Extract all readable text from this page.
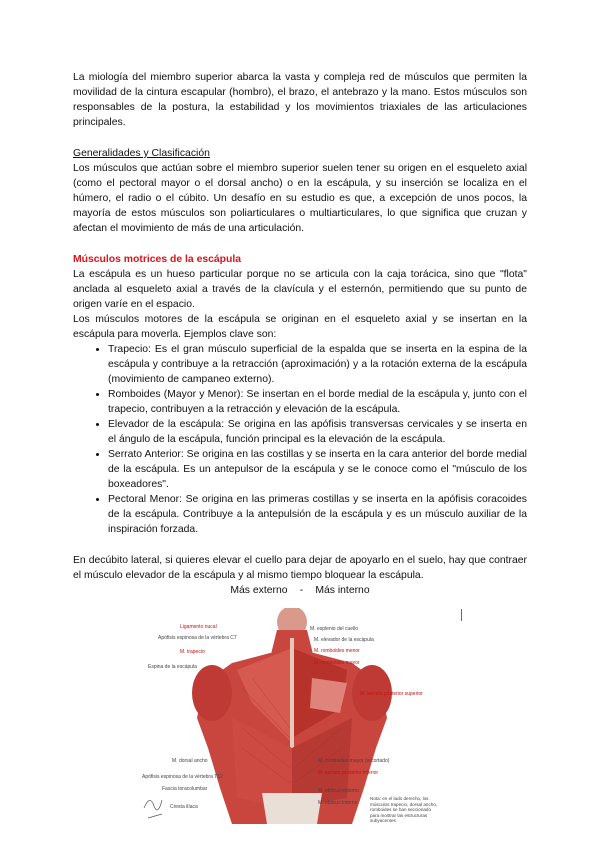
La miología del miembro superior abarca la vasta y compleja red de músculos que permiten la movilidad de la cintura escapular (hombro), el brazo, el antebrazo y la mano. Estos músculos son responsables de la postura, la estabilidad y los movimientos triaxiales de las articulaciones principales.

Generalidades y Clasificación

Los músculos que actúan sobre el miembro superior suelen tener su origen en el esqueleto axial (como el pectoral mayor o el dorsal ancho) o en la escápula, y su inserción se localiza en el húmero, el radio o el cúbito. Un desafío en su estudio es que, a excepción de unos pocos, la mayoría de estos músculos son poliarticulares o multiarticulares, lo que significa que cruzan y afectan el movimiento de más de una articulación.

Músculos motrices de la escápula

La escápula es un hueso particular porque no se articula con la caja torácica, sino que "flota" anclada al esqueleto axial a través de la clavícula y el esternón, permitiendo que su punto de origen varíe en el espacio.

Los músculos motores de la escápula se originan en el esqueleto axial y se insertan en la escápula para moverla. Ejemplos clave son:

• Trapecio: Es el gran músculo superficial de la espalda que se inserta en la espina de la escápula y contribuye a la retracción (aproximación) y a la rotación externa de la escápula (movimiento de campaneo externo).
• Romboides (Mayor y Menor): Se insertan en el borde medial de la escápula y, junto con el trapecio, contribuyen a la retracción y elevación de la escápula.
• Elevador de la escápula: Se origina en las apófisis transversas cervicales y se inserta en el ángulo de la escápula, función principal es la elevación de la escápula.
• Serrato Anterior: Se origina en las costillas y se inserta en la cara anterior del borde medial de la escápula. Es un antepulsor de la escápula y se le conoce como el "músculo de los boxeadores".
• Pectoral Menor: Se origina en las primeras costillas y se inserta en la apófisis coracoides de la escápula. Contribuye a la antepulsión de la escápula y es un músculo auxiliar de la inspiración forzada.

En decúbito lateral, si quieres elevar el cuello para dejar de apoyarlo en el suelo, hay que contraer el músculo elevador de la escápula y al mismo tiempo bloquear la escápula.

Más externo - Más interno
Ligamento nucal
Apófisis espinosa de la vértebra C7
M. trapecio
Espina de la escápula
M. dorsal ancho
Apófisis espinosa de la vértebra T12
Fascia toracolumbar
Cresta ilíaca
M. esplenio del cuello
M. elevador de la escápula
M. romboides menor
M. romboides mayor
M. serrato posterior superior
M. romboides mayor (recortado)
M. serrato posterior inferior
M. oblicuo externo
M. oblicuo interno
Nota: en el lado derecho, los músculos trapecio, dorsal ancho, romboides se han seccionado para mostrar las estructuras subyacentes
